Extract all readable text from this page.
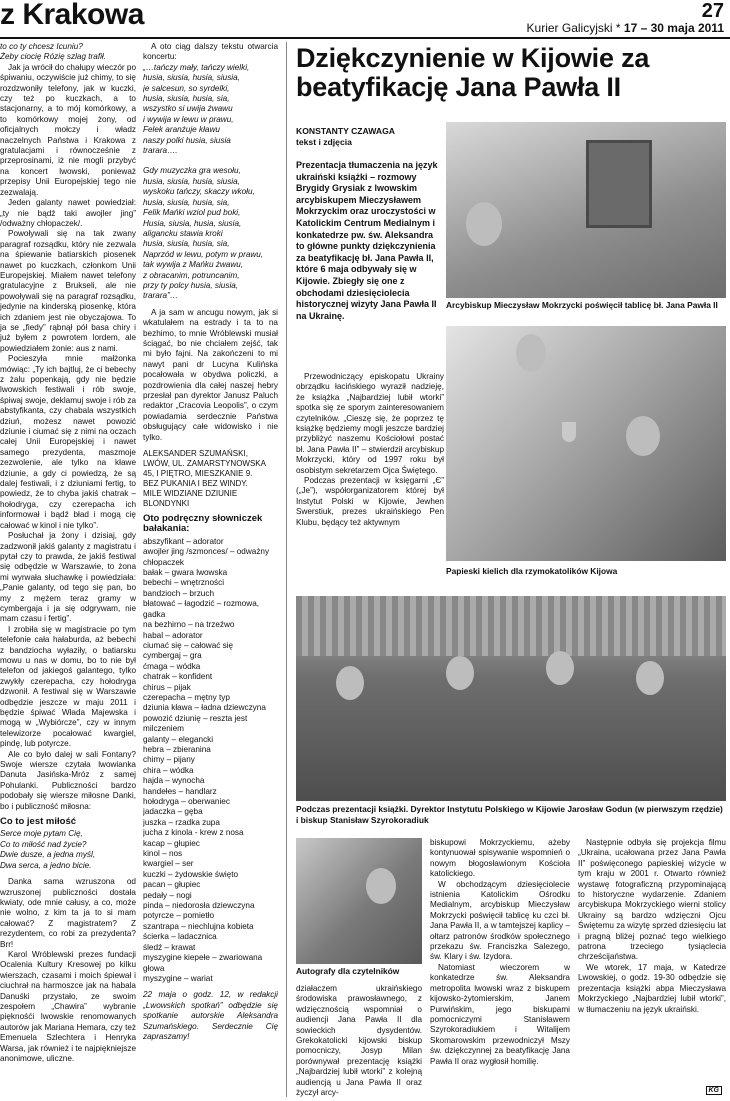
z Krakowa	27
Kurier Galicyjski * 17 – 30 maja 2011

to co ty chcesz Icuniu?

Żeby ciocię Rózię szlag trafił.

Jak ja wrócił do chałupy wieczór po śpiwaniu, oczywiście już chimy, to się rozdzwoniły telefony, jak w kuczki, czy też po kuczkach, a to stacjonarny, a to mój komórkowy, a to komórkowy mojej żony, od oficjalnych mołczy i władz naczelnych Państwa i Krakowa z gratulacjami i równocześnie z przeprosinami, iż nie mogli przybyć na koncert lwowski, ponieważ przepisy Unii Europejskiej tego nie zezwalają.

Jeden galanty nawet powiedział: „ty nie bądź taki awojler jing” /odważny chłopaczek/.

Powoływali się na tak zwany paragraf rozsądku, który nie zezwala na śpiewanie batiarskich piosenek nawet po kuczkach, członkom Unii Europejskiej. Miałem nawet telefony gratulacyjne z Brukseli, ale nie powoływali się na paragraf rozsądku, jedynie na kinderską piosenkę, która ich zdaniem jest nie obyczajowa. To ja se „fiedy” rąbnął pół basa chiry i już byłem z powrotem lordem, ale powiedziałem żonie: aus z nami.

Pocieszyła mnie małżonka mówiąc: „Ty ich bajtluj, że ci bebechy z żalu popenkają, gdy nie będzie lwowskich festiwali i rób swoje, śpiwaj swoje, deklamuj swoje i rób za abstyfikanta, czy chabala wszystkich dziuń, możesz nawet powozić dziunie i ciumać się z nimi na oczach całej Unii Europejskiej i nawet samego prezydenta, maszmoje zezwolenie, ale tylko na kławe dziunie, a gdy ci powiedzą, że są dalej festiwali, i z dziuniami fertig, to powiedz, że to chyba jakiś chatrak – hołodryga, czy czerepacha ich informował i bądź bład i mogą cię całować w kinol i nie tylko”.

Posłuchał ja żony i dzisiaj, gdy zadzwonił jakiś galanty z magistratu i pytał czy to prawda, że jakiś festiwal się odbędzie w Warszawie, to żona mi wyrwała słuchawkę i powiedziała: „Panie galanty, od tego się pan, bo my z mężem teraz gramy w cymbergaja i ja się odgrywam, nie mam czasu i fertig”.

I zrobiła się w magistracie po tym telefonie cała hałaburda, aż bebechi z bandziocha wyłaziły, o batiarsku mowu u nas w domu, bo to nie był telefon od jakiegoś galantego, tylko zwykły czerepacha, czy hołodryga dzwonił. A festiwal się w Warszawie odbędzie jeszcze w maju 2011 i będzie śpiwać Włada Majewska i mogą w „Wybiórcze”, czy w innym telewizorze pocałować kwargiel, pindę, lub potyrcze.

Ale co było dalej w sali Fontany? Swoje wiersze czytała lwowianka Danuta Jasińska-Mróz z samej Pohulanki. Publiczności bardzo podobały się wiersze miłosne Danki, bo i publiczność miłosna:

Co to jest miłość
Serce moje pytam Cię,
Co to miłość nad życie?
Dwie dusze, a jedna myśl,
Dwa serca, a jedno bicie.

Danka sama wzruszona od wzruszonej publiczności dostała kwiaty, ode mnie całusy, a co, może nie wolno, z kim ta ja to si mam całować? Z magistratem? Z rezydentem, co robi za prezydenta? Brr!

Karol Wróblewski prezes fundacji Ocalenia Kultury Kresowej po kilku wierszach, czasami i moich śpiewał i ciuchrał na harmoszce jak na habala Danuśki przystało, ze swoim zespołem „Chawira” wybranie pięknośći lwowskie renomowanych autorów jak Mariana Hemara, czy też Emenuela Szlechtera i Henryka Warsa, jak również i te najpiękniejsze anonimowe, uliczne.

A oto ciąg dalszy tekstu otwarcia koncertu:

„…tańczy mały, tańczy wielki,
husia, siusia, husia, siusia,
je salcesun, so syrdelki,
husia, siusia, husia, sia,
wszystko si uwija żwawu
i wywija w lewu w prawu,
Felek aranżuje kławu
naszy polki husia, siusia
trarara….
Gdy muzyczka gra wesołu,
husia, siusia, husia, siusia,
wyskoku tańczy, skaczy wkołu,
husia, siusia, husia, sia,
Felik Mańki wziol pud boki,
Husia, siusia, husia, siusia,
aligancku stawia kroki
husia, siusia, husia, sia,
Naprzód w lewu, potym w prawu,
tak wywija z Mańku żwawu,
z obracanim, potruncanim,
przy ty polcy husia, siusia,
trarara”…

A ja sam w ancugu nowym, jak si wkatulałem na estrady i ta to na bezhimo, to mnie Wróblewski musiał ściągać, bo nie chciałem zejść, tak mi było fajni. Na zakończeni to mi nawyt pani dr Lucyna Kulińska pocałowała w obydwa policzki, a pozdrowienia dla całej naszej hebry przesłał pan dyrektor Janusz Paluch redaktor „Cracovia Leopolis”, o czym powiadamia serdecznie Państwa obsługujący całe widowisko i nie tylko.

ALEKSANDER SZUMAŃSKI,
LWÓW, UL. ZAMARSTYNOWSKA
45, I PIĘTRO, MIESZKANIE 9.
BEZ PUKANIA I BEZ WINDY.
MILE WIDZIANE DZIUNIE BLONDYNKI
Oto podręczny słowniczek bałakania:
abszyfikant – adorator
awojler jing /szmonces/ – odważny chłopaczek
bałak – gwara lwowska
bebechi – wnętrzności
bandzioch – brzuch
błatować – łagodzić – rozmowa, gadka
na bezhirno – na trzeźwo
habal – adorator
ciumać się – całować się
cymbergaj – gra
ćmaga – wódka
chatrak – konfident
chirus – pijak
czerepacha – mętny typ
dziunia kława – ładna dziewczyna
powozić dziunię – reszta jest milczeniem
galanty – elegancki
hebra – zbieranina
chimy – pijany
chira – wódka
hajda – wynocha
handełes – handlarz
hołodryga – oberwaniec
jadaczka – gęba
juszka – rzadka zupa
jucha z kinola - krew z nosa
kacap – głupiec
kinol – nos
kwargiel – ser
kuczki – żydowskie święto
pacan – głupiec
pedały – nogi
pinda – niedorosła dziewczyna
potyrcze – pomietło
szantrapa – niechlujna kobieta
ścierka – ladacznica
śledź – krawat
myszygine kiepełe – zwariowana głowa
myszygine – wariat

22 maja o godz. 12, w redakcji „Lwowskich spotkań” odbędzie się spotkanie autorskie Aleksandra Szumańskiego. Serdecznie Cię zapraszamy!

Dziękczynienie w Kijowie za beatyfikację Jana Pawła II
KONSTANTY CZAWAGA
tekst i zdjęcia
Prezentacja tłumaczenia na język ukraiński książki – rozmowy Brygidy Grysiak z lwowskim arcybiskupem Mieczysławem Mokrzyckim oraz uroczystości w Katolickim Centrum Medialnym i konkatedrze pw. św. Aleksandra to główne punkty dziękczynienia za beatyfikację bł. Jana Pawła II, które 6 maja odbywały się w Kijowie. Zbiegły się one z obchodami dziesięciolecia historycznej wizyty Jana Pawła II na Ukrainę.

Przewodniczący episkopatu Ukrainy obrządku łacińskiego wyraził nadzieję, że książka „Najbardziej lubił wtorki” spotka się ze sporym zainteresowaniem czytelników. „Cieszę się, że poprzez tę książkę będziemy mogli jeszcze bardziej przybliżyć naszemu Kościołowi postać bł. Jana Pawła II” – stwierdził arcybiskup Mokrzycki, który od 1997 roku był osobistym sekretarzem Ojca Świętego.

Podczas prezentacji w księgarni „Є” („Je”), współorganizatorem której był Instytut Polski w Kijowie, Jewhen Swerstiuk, prezes ukraińskiego Pen Klubu, będący też aktywnym

Arcybiskup Mieczysław Mokrzycki poświęcił tablicę bł. Jana Pawła II
Papieski kielich dla rzymokatolików Kijowa
Podczas prezentacji książki. Dyrektor Instytutu Polskiego w Kijowie Jarosław Godun (w pierwszym rzędzie) i biskup Stanisław Szyrokoradiuk
Autografy dla czytelników

działaczem ukraińskiego środowiska prawosławnego, z wdzięcznością wspomniał o audiencji Jana Pawła II dla sowieckich dysydentów. Grekokatolicki kijowski biskup pomocniczy, Josyp Milan porównywał prezentację książki „Najbardziej lubił wtorki” z kolejną audiencją u Jana Pawła II oraz życzył arcy-

biskupowi Mokrzyckiemu, ażeby kontynuował spisywanie wspomnień o nowym błogosławionym Kościoła katolickiego.

W obchodzącym dziesięciolecie istnienia Katolickim Ośrodku Medialnym, arcybiskup Mieczysław Mokrzycki poświęcił tablicę ku czci bł. Jana Pawła II, a w tamtejszej kaplicy – ołtarz patronów środków społecznego przekazu św. Franciszka Salezego, św. Klary i św. Izydora.

Natomiast wieczorem w konkatedrze św. Aleksandra metropolita lwowski wraz z biskupem kijowsko-żytomierskim, Janem Purwińskim, jego biskupami pomocniczymi Stanisławem Szyrokoradiukiem i Witalijem Skomarowskim przewodniczył Mszy św. dziękczynnej za beatyfikację Jana Pawła II oraz wygłosił homilię.

Następnie odbyła się projekcja filmu „Ukraina, ucałowana przez Jana Pawła II” poświęconego papieskiej wizycie w tym kraju w 2001 r. Otwarto również wystawę fotograficzną przypominającą to historyczne wydarzenie. Zdaniem arcybiskupa Mokrzyckiego wierni stolicy Ukrainy są bardzo wdzięczni Ojcu Świętemu za wizytę sprzed dziesięciu lat i pragną bliżej poznać tego wielkiego patrona trzeciego tysiąclecia chrześcijaństwa.

We wtorek, 17 maja, w Katedrze Lwowskiej, o godz. 19-30 odbędzie się prezentacja książki abpa Mieczysława Mokrzyckiego „Najbardziej lubił wtorki”, w tłumaczeniu na język ukraiński.

KG
